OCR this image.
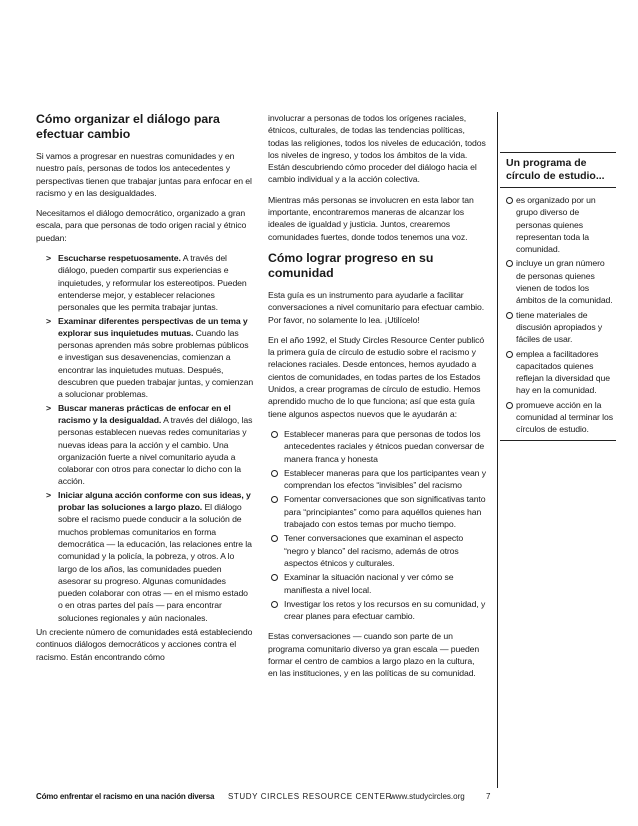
Cómo organizar el diálogo para efectuar cambio

Si vamos a progresar en nuestras comunidades y en nuestro país, personas de todos los antecedentes y perspectivas tienen que trabajar juntas para enfocar en el racismo y en las desigualdades.

Necesitamos el diálogo democrático, organizado a gran escala, para que personas de todo origen racial y étnico puedan:

> Escucharse respetuosamente. A través del diálogo, pueden compartir sus experiencias e inquietudes, y reformular los estereotipos. Pueden entenderse mejor, y establecer relaciones personales que les permita trabajar juntas.
> Examinar diferentes perspectivas de un tema y explorar sus inquietudes mutuas. Cuando las personas aprenden más sobre problemas públicos e investigan sus desavenencias, comienzan a encontrar las inquietudes mutuas. Después, descubren que pueden trabajar juntas, y comienzan a solucionar problemas.
> Buscar maneras prácticas de enfocar en el racismo y la desigualdad. A través del diálogo, las personas establecen nuevas redes comunitarias y nuevas ideas para la acción y el cambio. Una organización fuerte a nivel comunitario ayuda a colaborar con otros para conectar lo dicho con la acción.
> Iniciar alguna acción conforme con sus ideas, y probar las soluciones a largo plazo. El diálogo sobre el racismo puede conducir a la solución de muchos problemas comunitarios en forma democrática — la educación, las relaciones entre la comunidad y la policía, la pobreza, y otros. A lo largo de los años, las comunidades pueden asesorar su progreso. Algunas comunidades pueden colaborar con otras — en el mismo estado o en otras partes del país — para encontrar soluciones regionales y aún nacionales.

Un creciente número de comunidades está estableciendo continuos diálogos democráticos y acciones contra el racismo. Están encontrando cómo

involucrar a personas de todos los orígenes raciales, étnicos, culturales, de todas las tendencias políticas, todas las religiones, todos los niveles de educación, todos los niveles de ingreso, y todos los ámbitos de la vida. Están descubriendo cómo proceder del diálogo hacia el cambio individual y a la acción colectiva.

Mientras más personas se involucren en esta labor tan importante, encontraremos maneras de alcanzar los ideales de igualdad y justicia. Juntos, crearemos comunidades fuertes, donde todos tenemos una voz.

Cómo lograr progreso en su comunidad

Esta guía es un instrumento para ayudarle a facilitar conversaciones a nivel comunitario para efectuar cambio. Por favor, no solamente lo lea. ¡Utilícelo!

En el año 1992, el Study Circles Resource Center publicó la primera guía de círculo de estudio sobre el racismo y relaciones raciales. Desde entonces, hemos ayudado a cientos de comunidades, en todas partes de los Estados Unidos, a crear programas de círculo de estudio. Hemos aprendido mucho de lo que funciona; así que esta guía tiene algunos aspectos nuevos que le ayudarán a:

Establecer maneras para que personas de todos los antecedentes raciales y étnicos puedan conversar de manera franca y honesta
Establecer maneras para que los participantes vean y comprendan los efectos “invisibles” del racismo
Fomentar conversaciones que son significativas tanto para “principiantes” como para aquéllos quienes han trabajado con estos temas por mucho tiempo.
Tener conversaciones que examinan el aspecto “negro y blanco” del racismo, además de otros aspectos étnicos y culturales.
Examinar la situación nacional y ver cómo se manifiesta a nivel local.
Investigar los retos y los recursos en su comunidad, y crear planes para efectuar cambio.

Estas conversaciones — cuando son parte de un programa comunitario diverso ya gran escala — pueden formar el centro de cambios a largo plazo en la cultura, en las instituciones, y en las políticas de su comunidad.

Un programa de círculo de estudio...
es organizado por un grupo diverso de personas quienes representan toda la comunidad.
incluye un gran número de personas quienes vienen de todos los ámbitos de la comunidad.
tiene materiales de discusión apropiados y fáciles de usar.
emplea a facilitadores capacitados quienes reflejan la diversidad que hay en la comunidad.
promueve acción en la comunidad al terminar los círculos de estudio.
Cómo enfrentar el racismo en una nación diversa STUDY CIRCLES RESOURCE CENTER
www.studycircles.org	7
